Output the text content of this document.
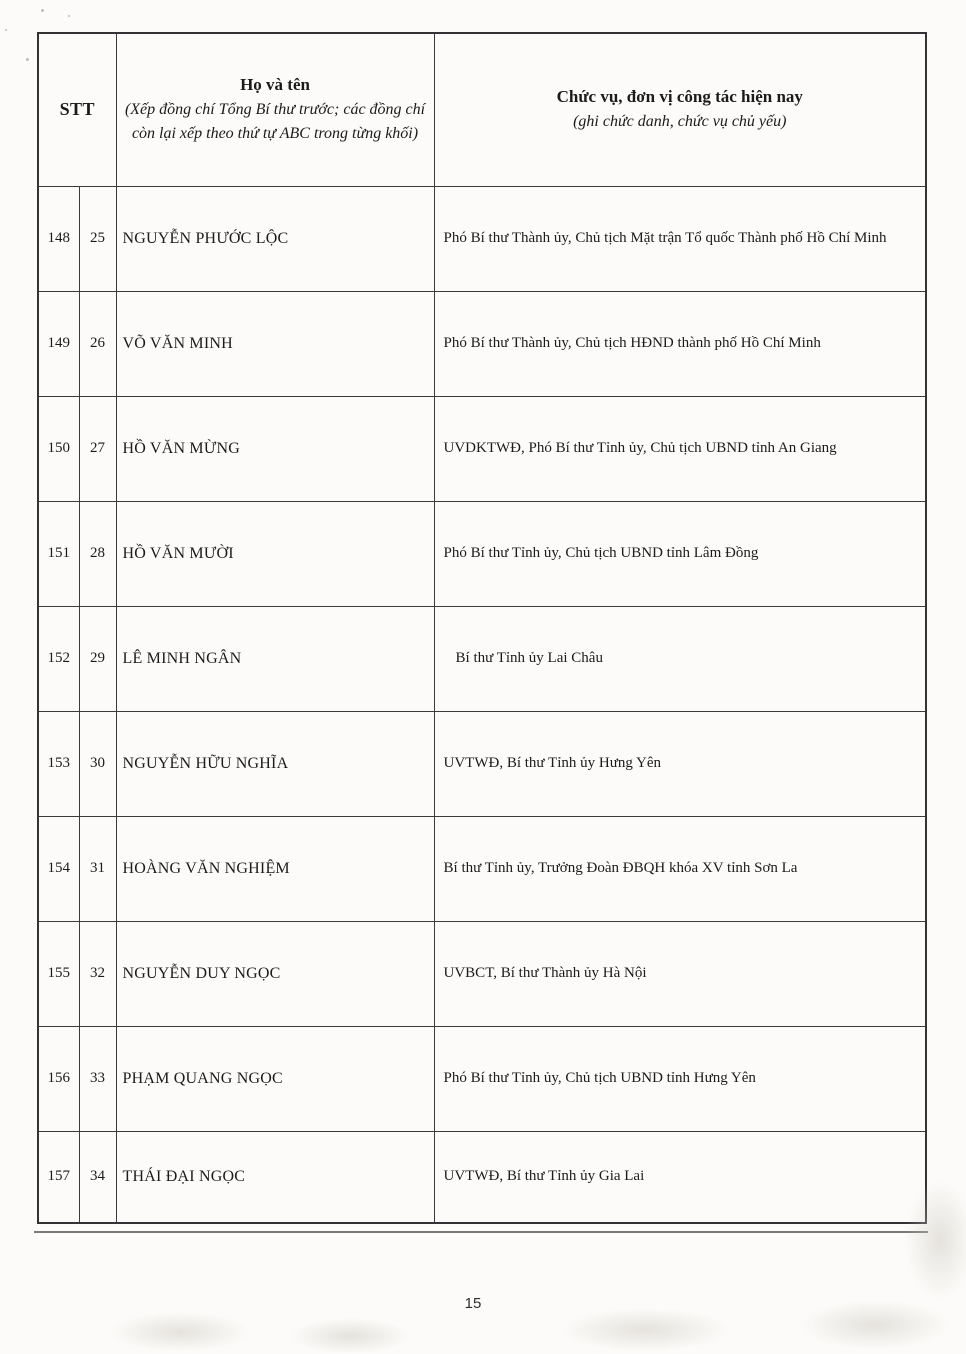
STT	
Họ và tên
(Xếp đồng chí Tổng Bí thư trước; các đồng chí còn lại xếp theo thứ tự ABC trong từng khối)

Chức vụ, đơn vị công tác hiện nay
(ghi chức danh, chức vụ chủ yếu)

148	25	NGUYỄN PHƯỚC LỘC	Phó Bí thư Thành ủy, Chủ tịch Mặt trận Tổ quốc Thành phố Hồ Chí Minh
149	26	VÕ VĂN MINH	Phó Bí thư Thành ủy, Chủ tịch HĐND thành phố Hồ Chí Minh
150	27	HỒ VĂN MỪNG	UVDKTWĐ, Phó Bí thư Tỉnh ủy, Chủ tịch UBND tỉnh An Giang
151	28	HỒ VĂN MƯỜI	Phó Bí thư Tỉnh ủy, Chủ tịch UBND tỉnh Lâm Đồng
152	29	LÊ MINH NGÂN	Bí thư Tỉnh ủy Lai Châu
153	30	NGUYỄN HỮU NGHĨA	UVTWĐ, Bí thư Tỉnh ủy Hưng Yên
154	31	HOÀNG VĂN NGHIỆM	Bí thư Tỉnh ủy, Trưởng Đoàn ĐBQH khóa XV tỉnh Sơn La
155	32	NGUYỄN DUY NGỌC	UVBCT, Bí thư Thành ủy Hà Nội
156	33	PHẠM QUANG NGỌC	Phó Bí thư Tỉnh ủy, Chủ tịch UBND tỉnh Hưng Yên
157	34	THÁI ĐẠI NGỌC	UVTWĐ, Bí thư Tỉnh ủy Gia Lai
15
